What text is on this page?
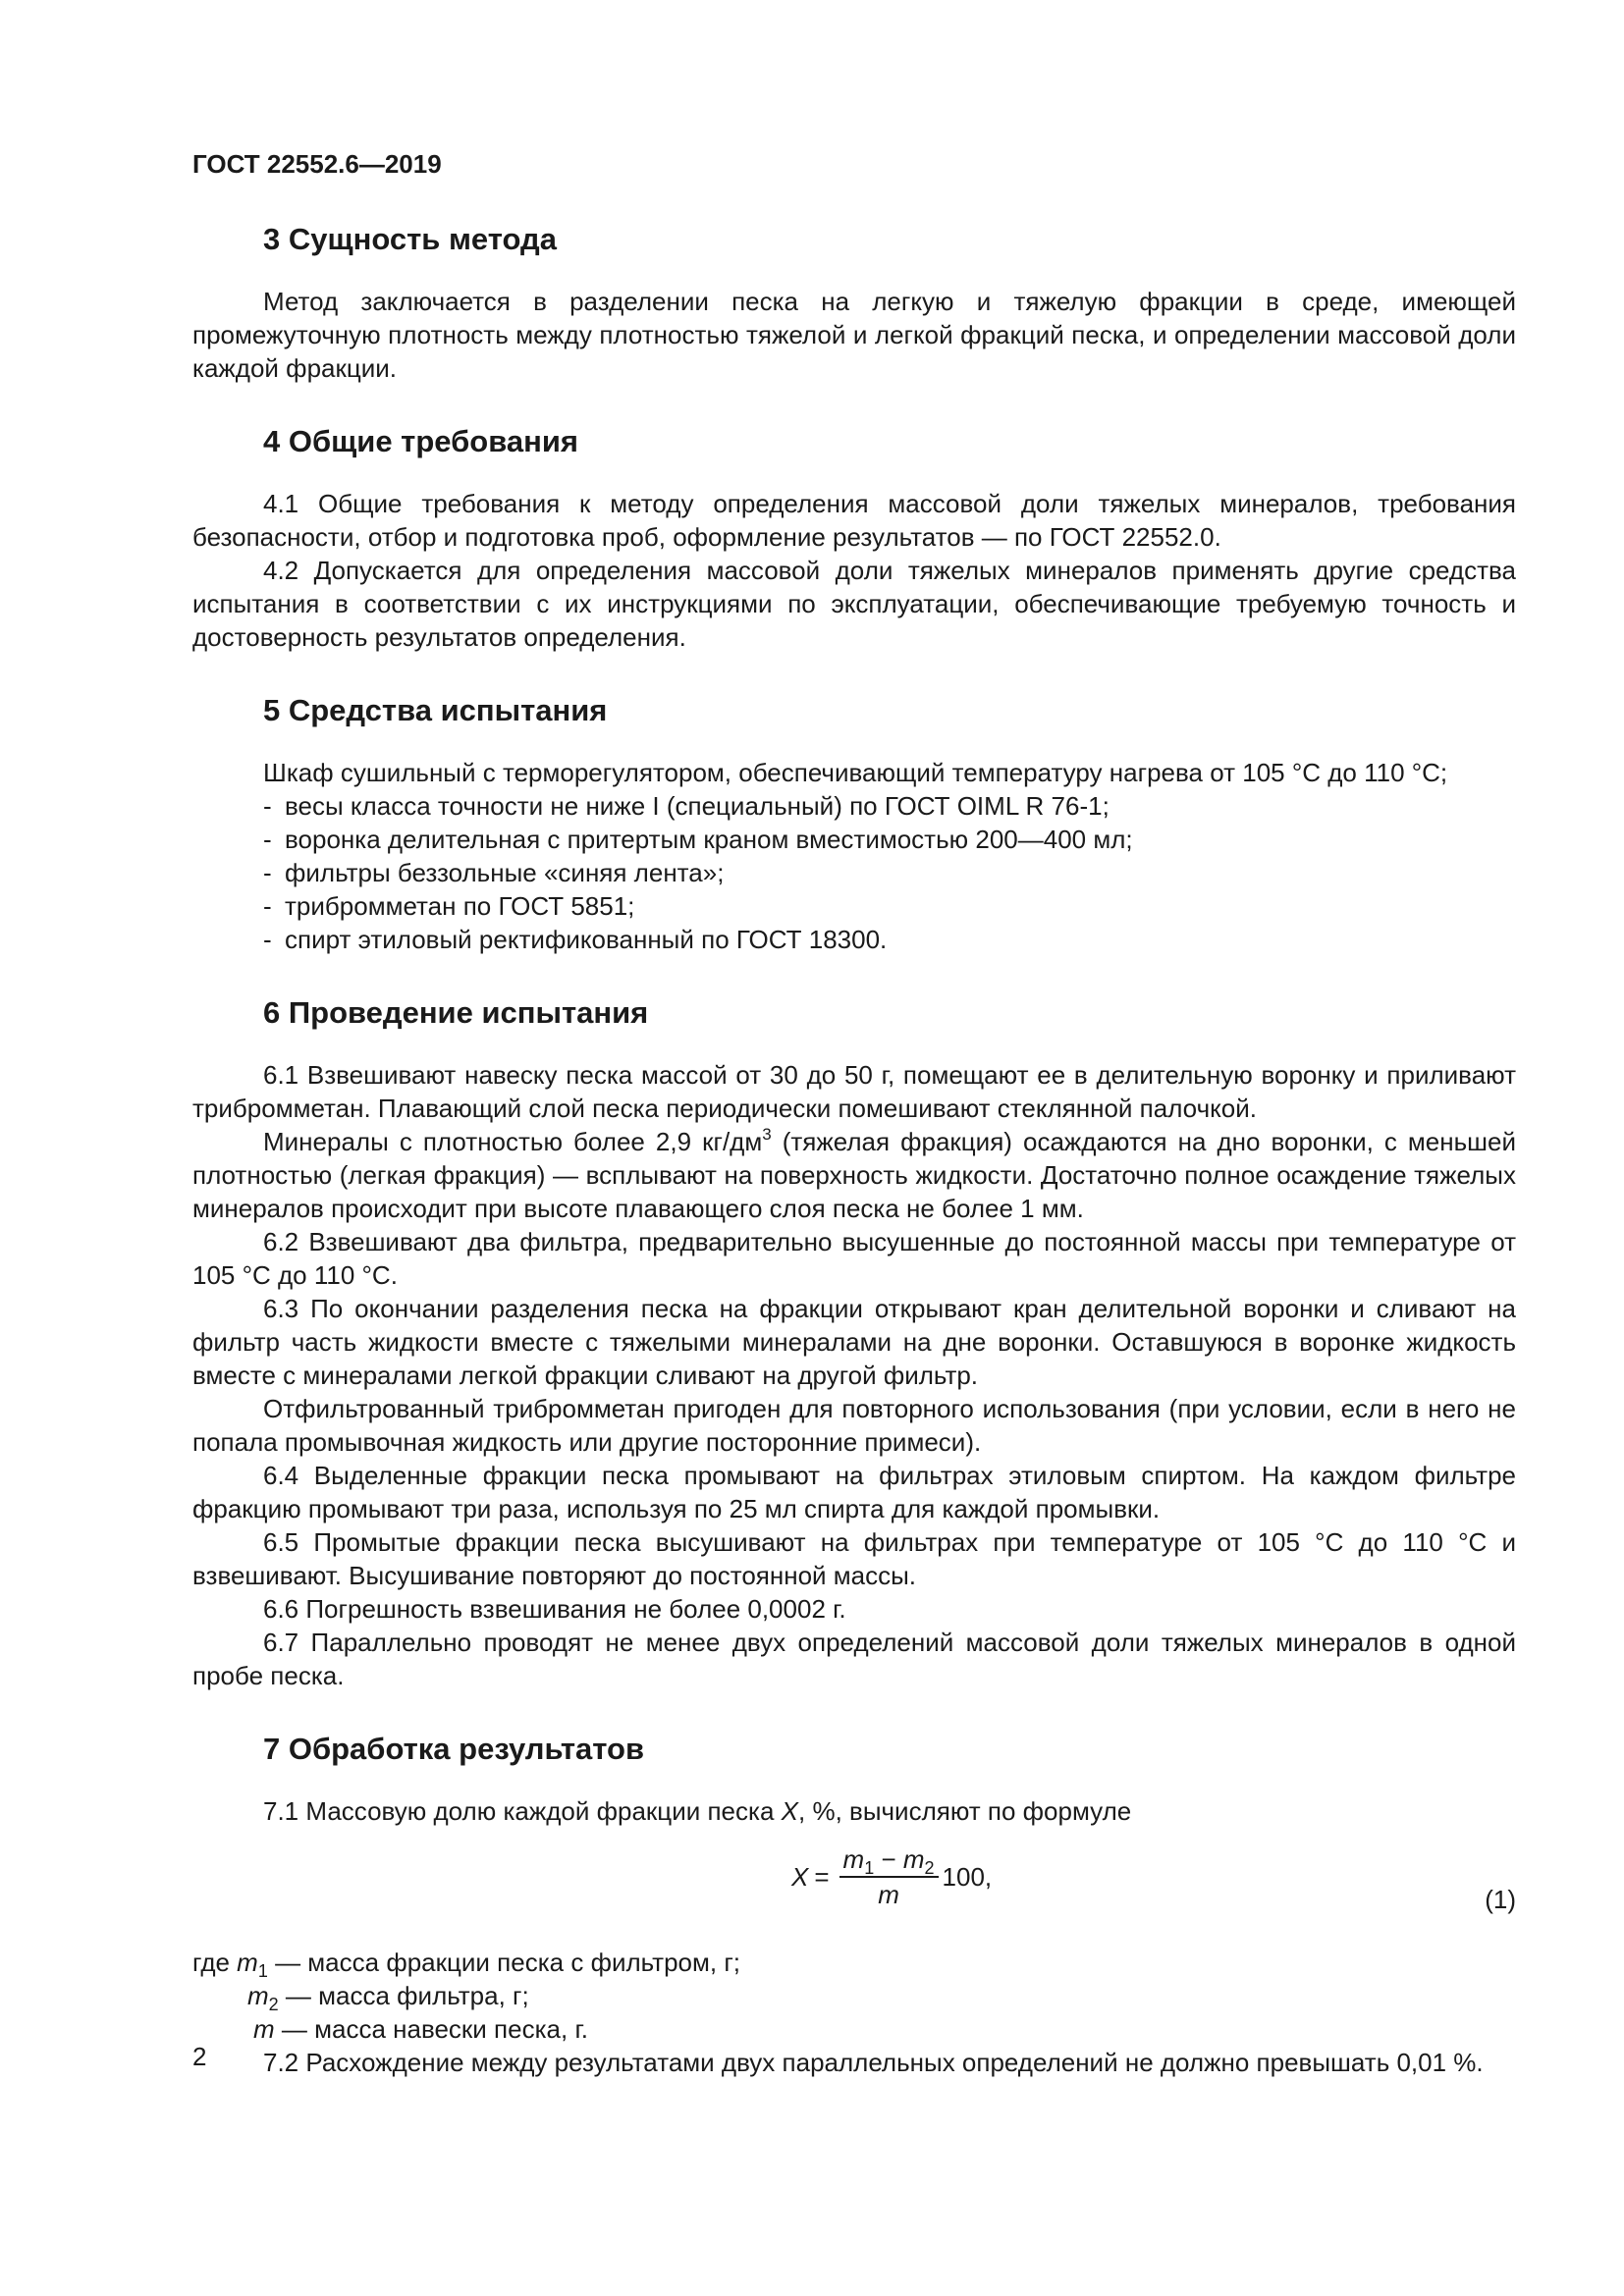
ГОСТ 22552.6—2019
3 Сущность метода

Метод заключается в разделении песка на легкую и тяжелую фракции в среде, имеющей промежуточную плотность между плотностью тяжелой и легкой фракций песка, и определении массовой доли каждой фракции.

4 Общие требования

4.1 Общие требования к методу определения массовой доли тяжелых минералов, требования безопасности, отбор и подготовка проб, оформление результатов — по ГОСТ 22552.0.

4.2 Допускается для определения массовой доли тяжелых минералов применять другие средства испытания в соответствии с их инструкциями по эксплуатации, обеспечивающие требуемую точность и достоверность результатов определения.

5 Средства испытания

Шкаф сушильный с терморегулятором, обеспечивающий температуру нагрева от 105 °С до 110 °С;

- весы класса точности не ниже I (специальный) по ГОСТ OIML R 76-1;
- воронка делительная с притертым краном вместимостью 200—400 мл;
- фильтры беззольные «синяя лента»;
- трибромметан по ГОСТ 5851;
- спирт этиловый ректификованный по ГОСТ 18300.
6 Проведение испытания

6.1 Взвешивают навеску песка массой от 30 до 50 г, помещают ее в делительную воронку и приливают трибромметан. Плавающий слой песка периодически помешивают стеклянной палочкой.

Минералы с плотностью более 2,9 $кг/дм^3$ (тяжелая фракция) осаждаются на дно воронки, с меньшей плотностью (легкая фракция) — всплывают на поверхность жидкости. Достаточно полное осаждение тяжелых минералов происходит при высоте плавающего слоя песка не более 1 мм.

6.2 Взвешивают два фильтра, предварительно высушенные до постоянной массы при температуре от 105 °С до 110 °С.

6.3 По окончании разделения песка на фракции открывают кран делительной воронки и сливают на фильтр часть жидкости вместе с тяжелыми минералами на дне воронки. Оставшуюся в воронке жидкость вместе с минералами легкой фракции сливают на другой фильтр.

Отфильтрованный трибромметан пригоден для повторного использования (при условии, если в него не попала промывочная жидкость или другие посторонние примеси).

6.4 Выделенные фракции песка промывают на фильтрах этиловым спиртом. На каждом фильтре фракцию промывают три раза, используя по 25 мл спирта для каждой промывки.

6.5 Промытые фракции песка высушивают на фильтрах при температуре от 105 °С до 110 °С и взвешивают. Высушивание повторяют до постоянной массы.

6.6 Погрешность взвешивания не более 0,0002 г.

6.7 Параллельно проводят не менее двух определений массовой доли тяжелых минералов в одной пробе песка.

7 Обработка результатов

7.1 Массовую долю каждой фракции песка X, %, вычисляют по формуле

$X = \frac{m_1 - m_2}{m} 100$,
(1)
где $m_1$ — масса фракции песка с фильтром, г;
$m_2$ — масса фильтра, г;
m — масса навески песка, г.

7.2 Расхождение между результатами двух параллельных определений не должно превышать 0,01 %.

2
